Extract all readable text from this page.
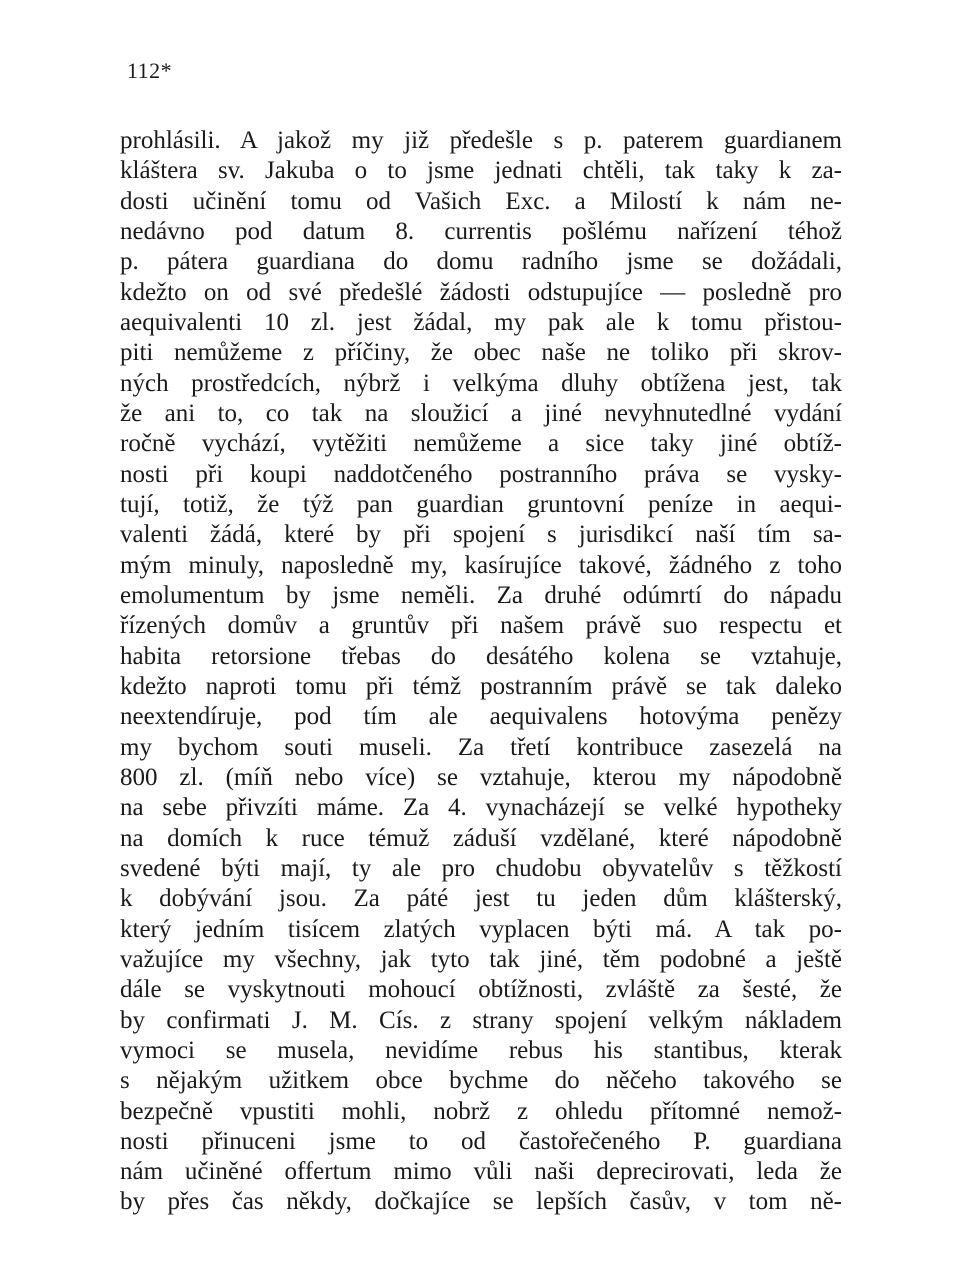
112*
prohlásili. A jakož my již předešle s p. paterem guardianem
kláštera sv. Jakuba o to jsme jednati chtěli, tak taky k za-
dosti učinění tomu od Vašich Exc. a Milostí k nám ne-
nedávno pod datum 8. currentis pošlému nařízení téhož
p. pátera guardiana do domu radního jsme se dožádali,
kdežto on od své předešlé žádosti odstupujíce — posledně pro
aequivalenti 10 zl. jest žádal, my pak ale k tomu přistou-
piti nemůžeme z příčiny, že obec naše ne toliko při skrov-
ných prostředcích, nýbrž i velkýma dluhy obtížena jest, tak
že ani to, co tak na sloužicí a jiné nevyhnutedlné vydání
ročně vychází, vytěžiti nemůžeme a sice taky jiné obtíž-
nosti při koupi naddotčeného postranního práva se vysky-
tují, totiž, že týž pan guardian gruntovní peníze in aequi-
valenti žádá, které by při spojení s jurisdikcí naší tím sa-
mým minuly, naposledně my, kasírujíce takové, žádného z toho
emolumentum by jsme neměli. Za druhé odúmrtí do nápadu
řízených domův a gruntův při našem právě suo respectu et
habita retorsione třebas do desátého kolena se vztahuje,
kdežto naproti tomu při témž postranním právě se tak daleko
neextendíruje, pod tím ale aequivalens hotovýma penězy
my bychom souti museli. Za třetí kontribuce zasezelá na
800 zl. (míň nebo více) se vztahuje, kterou my nápodobně
na sebe přivzíti máme. Za 4. vynacházejí se velké hypotheky
na domích k ruce témuž záduší vzdělané, které nápodobně
svedené býti mají, ty ale pro chudobu obyvatelův s těžkostí
k dobývání jsou. Za páté jest tu jeden dům klášterský,
který jedním tisícem zlatých vyplacen býti má. A tak po-
važujíce my všechny, jak tyto tak jiné, těm podobné a ještě
dále se vyskytnouti mohoucí obtížnosti, zvláště za šesté, že
by confirmati J. M. Cís. z strany spojení velkým nákladem
vymoci se musela, nevidíme rebus his stantibus, kterak
s nějakým užitkem obce bychme do něčeho takového se
bezpečně vpustiti mohli, nobrž z ohledu přítomné nemož-
nosti přinuceni jsme to od častořečeného P. guardiana
nám učiněné offertum mimo vůli naši deprecirovati, leda že
by přes čas někdy, dočkajíce se lepších časův, v tom ně-
